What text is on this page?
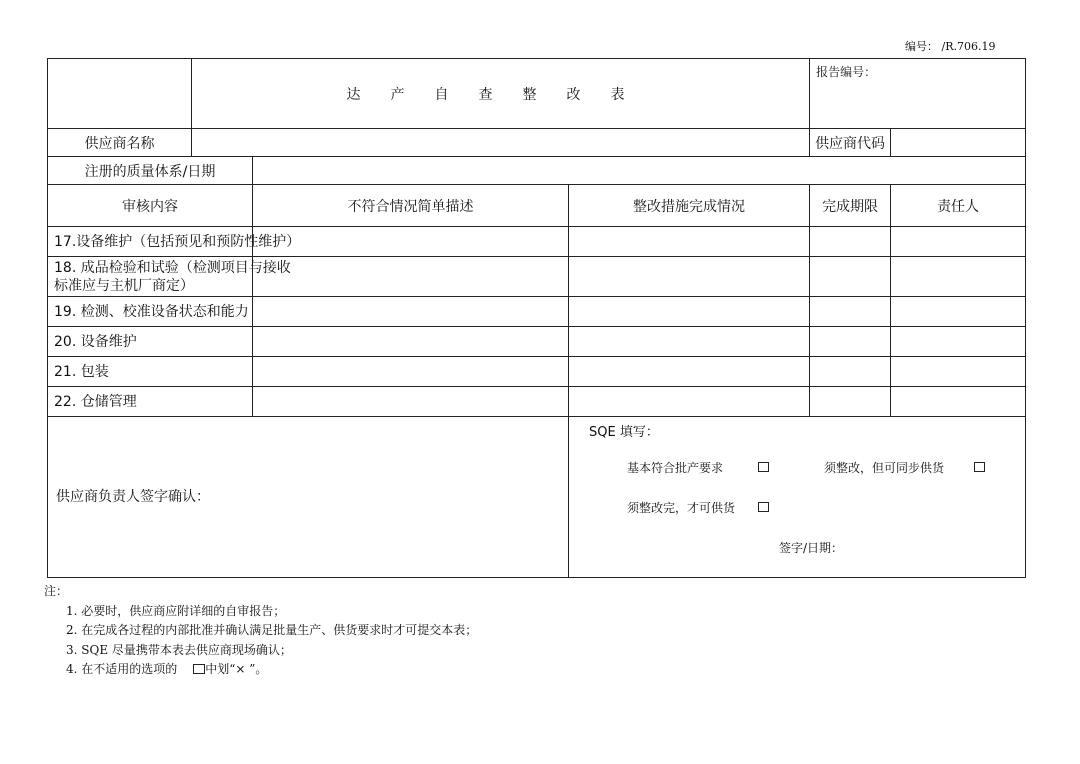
编号： /R.706.19
	达产自查整改表			报告编号：	
供应商名称				供应商代码	
注册的质量体系/日期					
审核内容		不符合情况简单描述	整改措施完成情况	完成期限	责任人
17.设备维护（包括预见和预防性维护）					

18. 成品检验和试验（检测项目与接收
标准应与主机厂商定）					

19. 检测、校准设备状态和能力					
20. 设备维护					
21. 包装					
22. 仓储管理					
供应商负责人签字确认：			SQE 填写：
基本符合批产要求 须整改，但可同步供货
须整改完，才可供货
签字/日期：		
注：
1. 必要时，供应商应附详细的自审报告；
2. 在完成各过程的内部批准并确认满足批量生产、供货要求时才可提交本表；
3. SQE 尽量携带本表去供应商现场确认；
4. 在不适用的选项的 中划“× ”。
